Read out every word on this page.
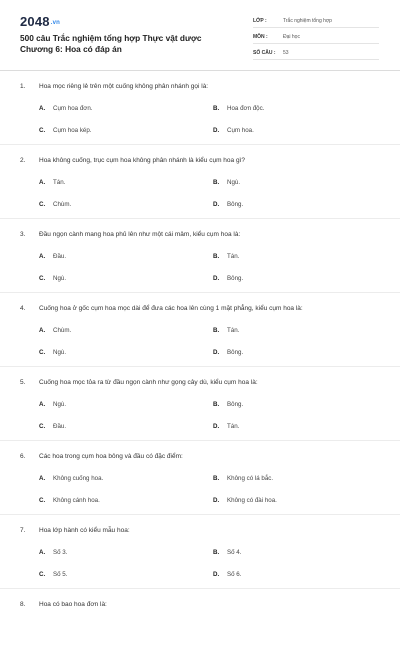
2048.vn
500 câu Trắc nghiệm tổng hợp Thực vật dược Chương 6: Hoa có đáp án
LỚP :	Trắc nghiệm tổng hợp
MÔN :	Đại học
SỐ CÂU :	53
1. Hoa mọc riêng lẻ trên một cuống không phân nhánh gọi là:
A. Cụm hoa đơn.	B. Hoa đơn độc.
C. Cụm hoa kép.	D. Cụm hoa.
2. Hoa không cuống, trục cụm hoa không phân nhánh là kiểu cụm hoa gì?
A. Tán.	B. Ngù.
C. Chùm.	D. Bông.
3. Đầu ngọn cành mang hoa phủ lên như một cái mâm, kiểu cụm hoa là:
A. Đầu.	B. Tán.
C. Ngù.	D. Bông.
4. Cuống hoa ở gốc cụm hoa mọc dài để đưa các hoa lên cùng 1 mặt phẳng, kiểu cụm hoa là:
A. Chùm.	B. Tán.
C. Ngù.	D. Bông.
5. Cuống hoa mọc tỏa ra từ đầu ngọn cành như gọng cây dù, kiểu cụm hoa là:
A. Ngù.	B. Bông.
C. Đầu.	D. Tán.
6. Các hoa trong cụm hoa bông và đầu có đặc điểm:
A. Không cuống hoa.	B. Không có lá bắc.
C. Không cánh hoa.	D. Không có đài hoa.
7. Hoa lớp hành có kiểu mẫu hoa:
A. Số 3.	B. Số 4.
C. Số 5.	D. Số 6.
8. Hoa có bao hoa đơn là:
